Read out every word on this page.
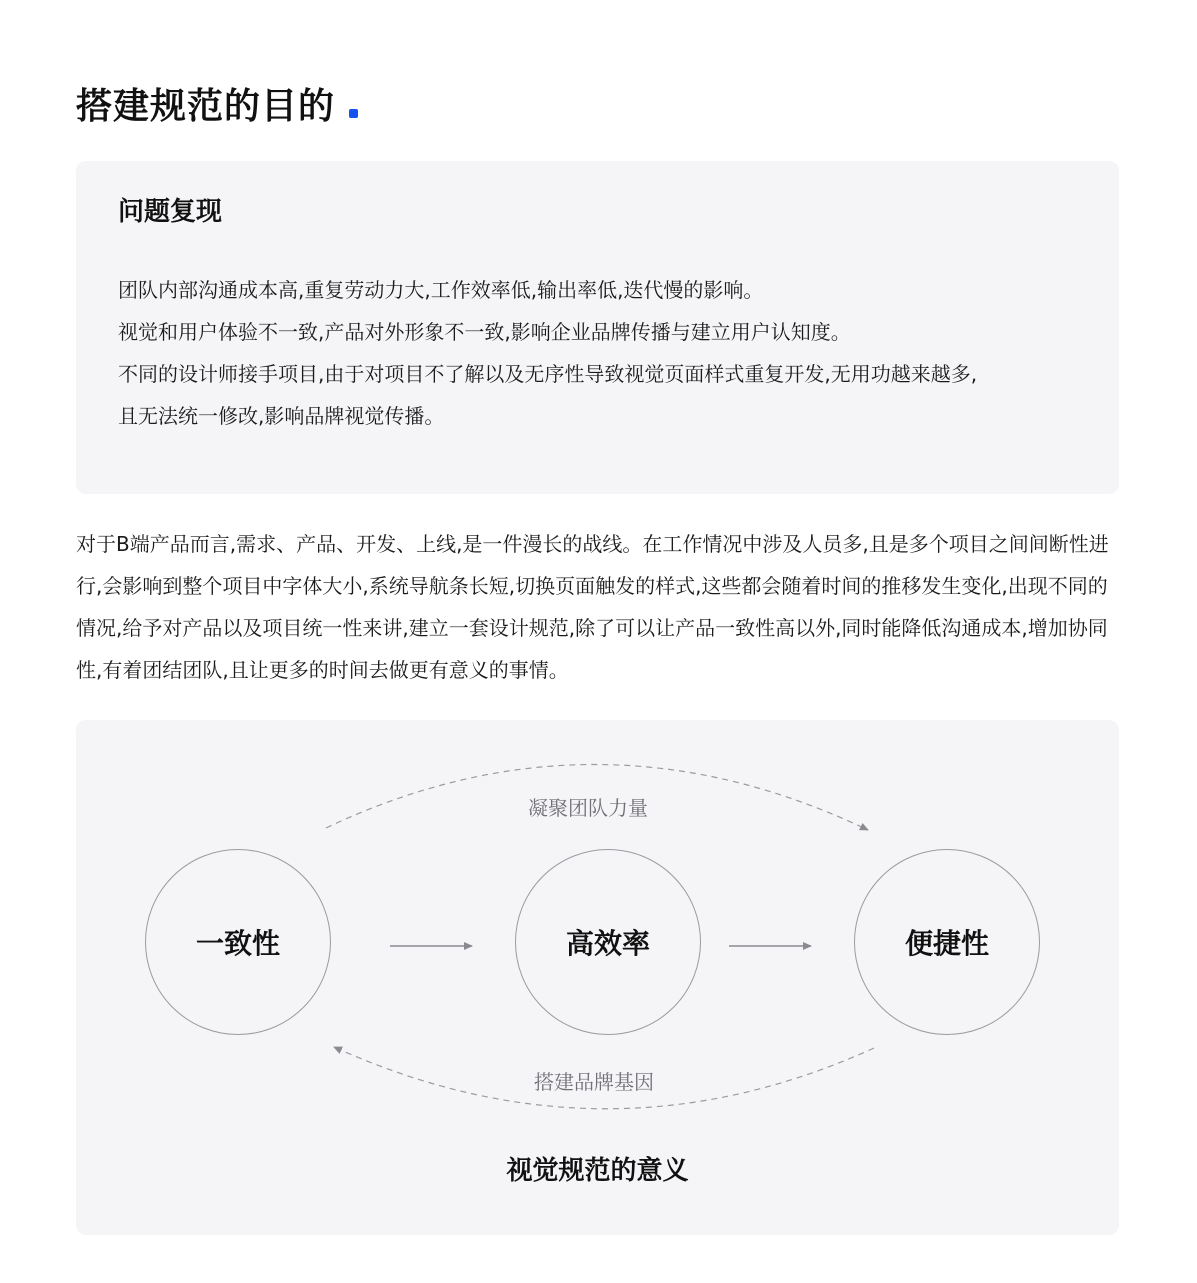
搭建规范的目的
问题复现
团队内部沟通成本高,重复劳动力大,工作效率低,输出率低,迭代慢的影响。
视觉和用户体验不一致,产品对外形象不一致,影响企业品牌传播与建立用户认知度。
不同的设计师接手项目,由于对项目不了解以及无序性导致视觉页面样式重复开发,无用功越来越多,
且无法统一修改,影响品牌视觉传播。
对于B端产品而言,需求、产品、开发、上线,是一件漫长的战线。在工作情况中涉及人员多,且是多个项目之间间断性进行,会影响到整个项目中字体大小,系统导航条长短,切换页面触发的样式,这些都会随着时间的推移发生变化,出现不同的情况,给予对产品以及项目统一性来讲,建立一套设计规范,除了可以让产品一致性高以外,同时能降低沟通成本,增加协同性,有着团结团队,且让更多的时间去做更有意义的事情。
凝聚团队力量
一致性	高效率	便捷性
搭建品牌基因
视觉规范的意义
